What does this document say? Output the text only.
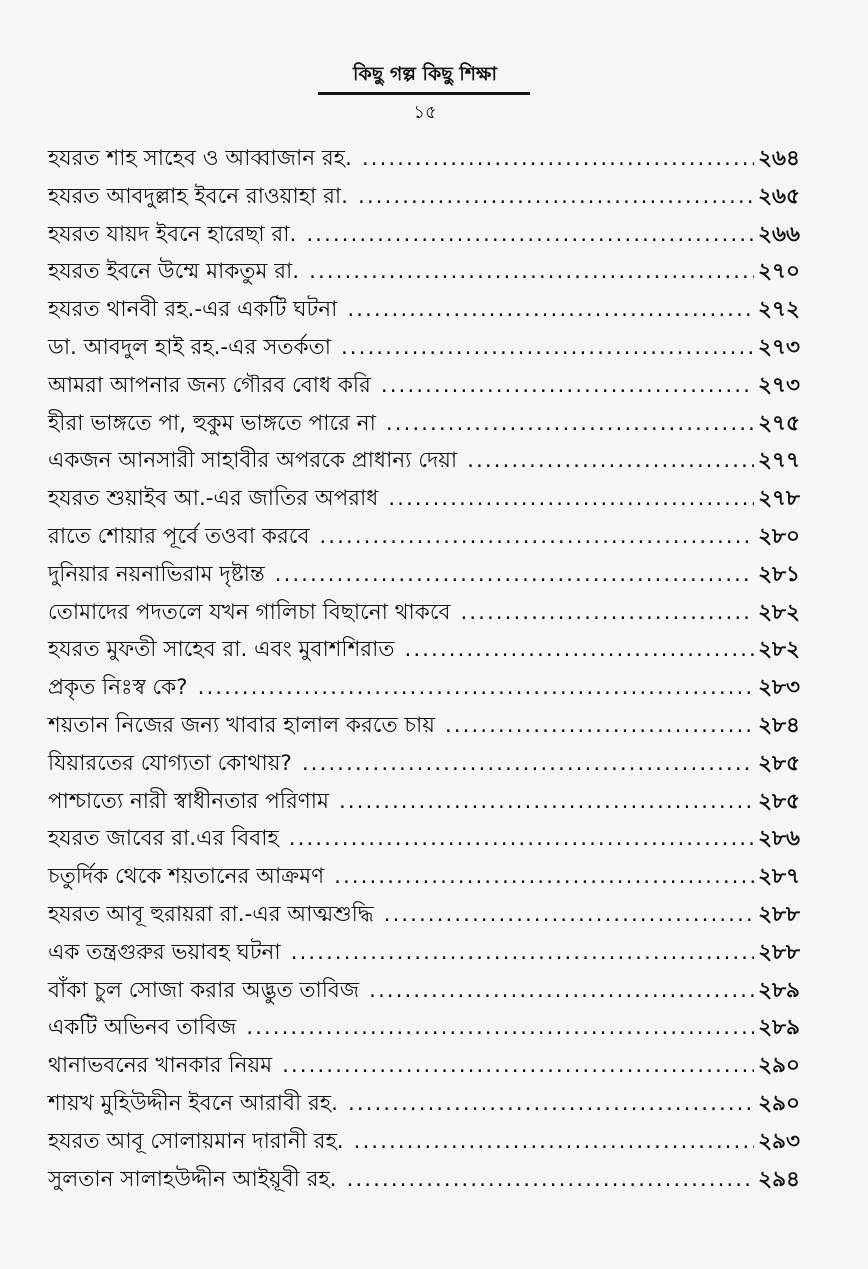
কিছু গল্প কিছু শিক্ষা
১৫
হযরত শাহ সাহেব ও আব্বাজান রহ. .....	২৬৪
হযরত আবদুল্লাহ ইবনে রাওয়াহা রা. .....	২৬৫
হযরত যায়দ ইবনে হারেছা রা. .....	২৬৬
হযরত ইবনে উম্মে মাকতুম রা. .....	২৭০
হযরত থানবী রহ.-এর একটি ঘটনা .....	২৭২
ডা. আবদুল হাই রহ.-এর সতর্কতা .....	২৭৩
আমরা আপনার জন্য গৌরব বোধ করি .....	২৭৩
হীরা ভাঙ্গতে পা, হুকুম ভাঙ্গতে পারে না .....	২৭৫
একজন আনসারী সাহাবীর অপরকে প্রাধান্য দেয়া .....	২৭৭
হযরত শুয়াইব আ.-এর জাতির অপরাধ .....	২৭৮
রাতে শোয়ার পূর্বে তওবা করবে .....	২৮০
দুনিয়ার নয়নাভিরাম দৃষ্টান্ত .....	২৮১
তোমাদের পদতলে যখন গালিচা বিছানো থাকবে .....	২৮২
হযরত মুফতী সাহেব রা. এবং মুবাশশিরাত .....	২৮২
প্রকৃত নিঃস্ব কে? .....	২৮৩
শয়তান নিজের জন্য খাবার হালাল করতে চায় .....	২৮৪
যিয়ারতের যোগ্যতা কোথায়? .....	২৮৫
পাশ্চাত্যে নারী স্বাধীনতার পরিণাম .....	২৮৫
হযরত জাবের রা.এর বিবাহ .....	২৮৬
চতুর্দিক থেকে শয়তানের আক্রমণ .....	২৮৭
হযরত আবূ হুরায়রা রা.-এর আত্মশুদ্ধি .....	২৮৮
এক তন্ত্রগুরুর ভয়াবহ ঘটনা .....	২৮৮
বাঁকা চুল সোজা করার অদ্ভুত তাবিজ .....	২৮৯
একটি অভিনব তাবিজ .....	২৮৯
থানাভবনের খানকার নিয়ম .....	২৯০
শায়খ মুহিউদ্দীন ইবনে আরাবী রহ. .....	২৯০
হযরত আবূ সোলায়মান দারানী রহ. .....	২৯৩
সুলতান সালাহউদ্দীন আইয়ূবী রহ. .....	২৯৪
